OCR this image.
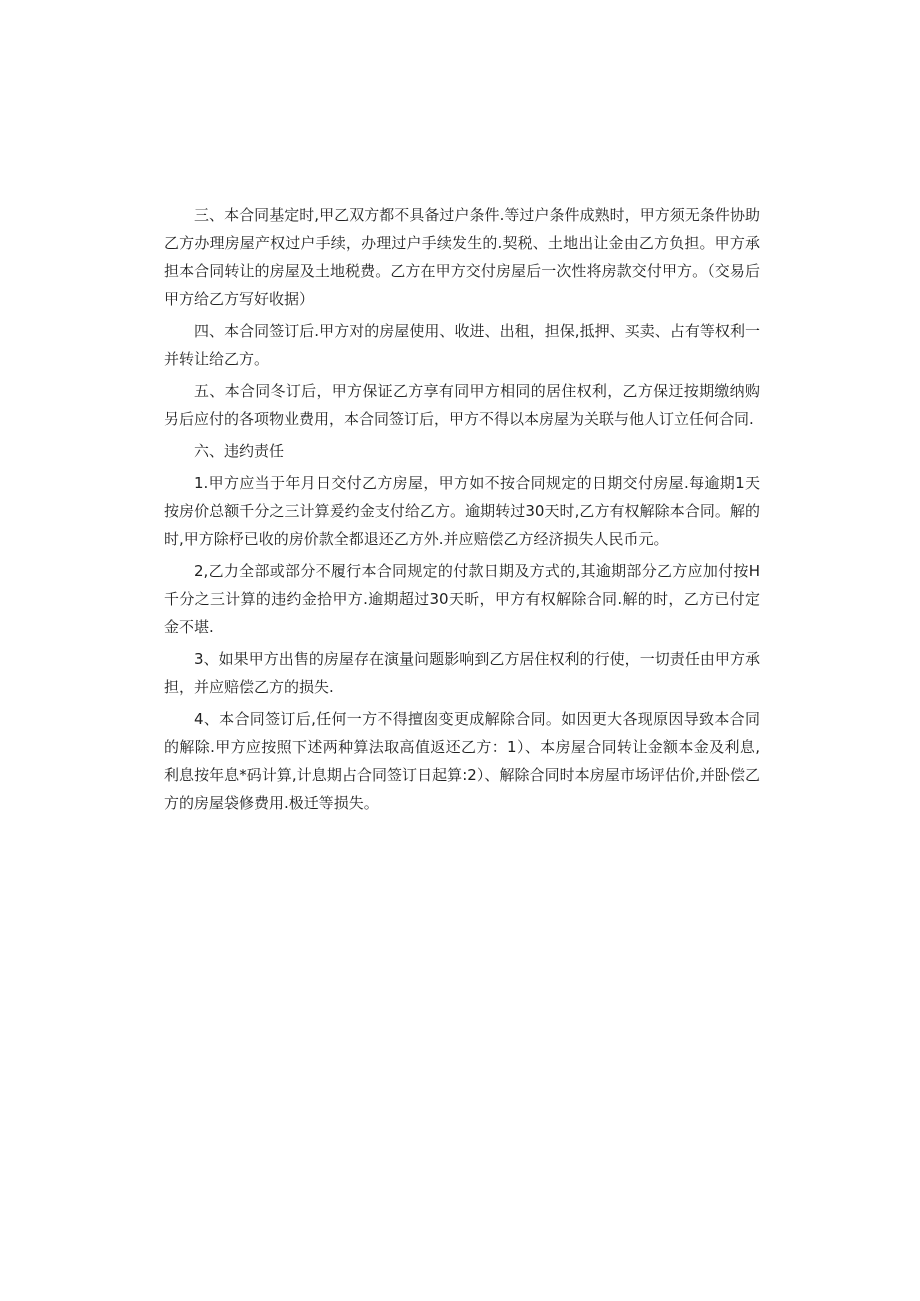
三、本合同基定时,甲乙双方都不具备过户条件.等过户条件成熟时，甲方须无条件协助乙方办理房屋产权过户手续，办理过户手续发生的.契税、土地出让金由乙方负担。甲方承担本合同转让的房屋及土地税费。乙方在甲方交付房屋后一次性将房款交付甲方。（交易后甲方给乙方写好收据）

四、本合同签订后.甲方对的房屋使用、收进、出租，担保,抵押、买卖、占有等权利一并转让给乙方。

五、本合同冬订后，甲方保证乙方享有同甲方相同的居住权利，乙方保迂按期缴纳购另后应付的各项物业费用，本合同签订后，甲方不得以本房屋为关联与他人订立任何合同.

六、违约责任

1.甲方应当于年月日交付乙方房屋，甲方如不按合同规定的日期交付房屋.每逾期1天按房价总额千分之三计算爰约金支付给乙方。逾期转过30天时,乙方有权解除本合同。解的时,甲方除杼已收的房价款全都退还乙方外.并应赔偿乙方经济损失人民币元。

2,乙力全部或部分不履行本合同规定的付款日期及方式的,其逾期部分乙方应加付按H千分之三计算的违约金拾甲方.逾期超过30天昕，甲方有权解除合同.解的时，乙方已付定金不堪.

3、如果甲方出售的房屋存在演量问题影响到乙方居住权利的行使，一切责任由甲方承担，并应赔偿乙方的损失.

4、本合同签订后,任何一方不得擅囱变更成解除合同。如因更大各现原因导致本合同的解除.甲方应按照下述两种算法取高值返还乙方：1）、本房屋合同转让金额本金及利息,利息按年息*码计算,计息期占合同签订日起算:2）、解除合同时本房屋市场评估价,并卧偿乙方的房屋袋修费用.极迁等损失。
